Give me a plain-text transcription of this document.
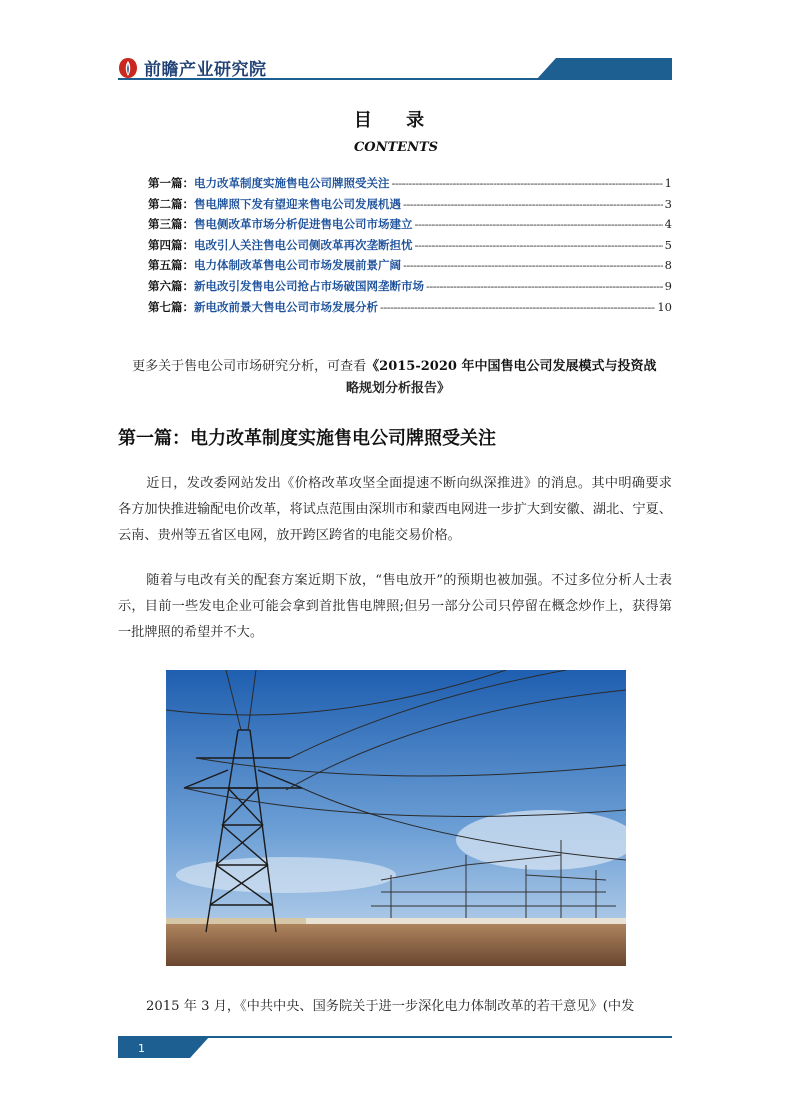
前瞻产业研究院
目 录
CONTENTS
第一篇：电力改革制度实施售电公司牌照受关注 -----	1
第二篇：售电牌照下发有望迎来售电公司发展机遇 -----	3
第三篇：售电侧改革市场分析促进售电公司市场建立 -----	4
第四篇：电改引人关注售电公司侧改革再次垄断担忧 -----	5
第五篇：电力体制改革售电公司市场发展前景广阔 -----	8
第六篇：新电改引发售电公司抢占市场破国网垄断市场 -----	9
第七篇：新电改前景大售电公司市场发展分析 -----	10
更多关于售电公司市场研究分析，可查看《2015-2020 年中国售电公司发展模式与投资战
略规划分析报告》
第一篇：电力改革制度实施售电公司牌照受关注
近日，发改委网站发出《价格改革攻坚全面提速不断向纵深推进》的消息。其中明确要求各方加快推进输配电价改革，将试点范围由深圳市和蒙西电网进一步扩大到安徽、湖北、宁夏、云南、贵州等五省区电网，放开跨区跨省的电能交易价格。
随着与电改有关的配套方案近期下放，“售电放开”的预期也被加强。不过多位分析人士表示，目前一些发电企业可能会拿到首批售电牌照;但另一部分公司只停留在概念炒作上，获得第一批牌照的希望并不大。
2015 年 3 月，《中共中央、国务院关于进一步深化电力体制改革的若干意见》(中发
1
